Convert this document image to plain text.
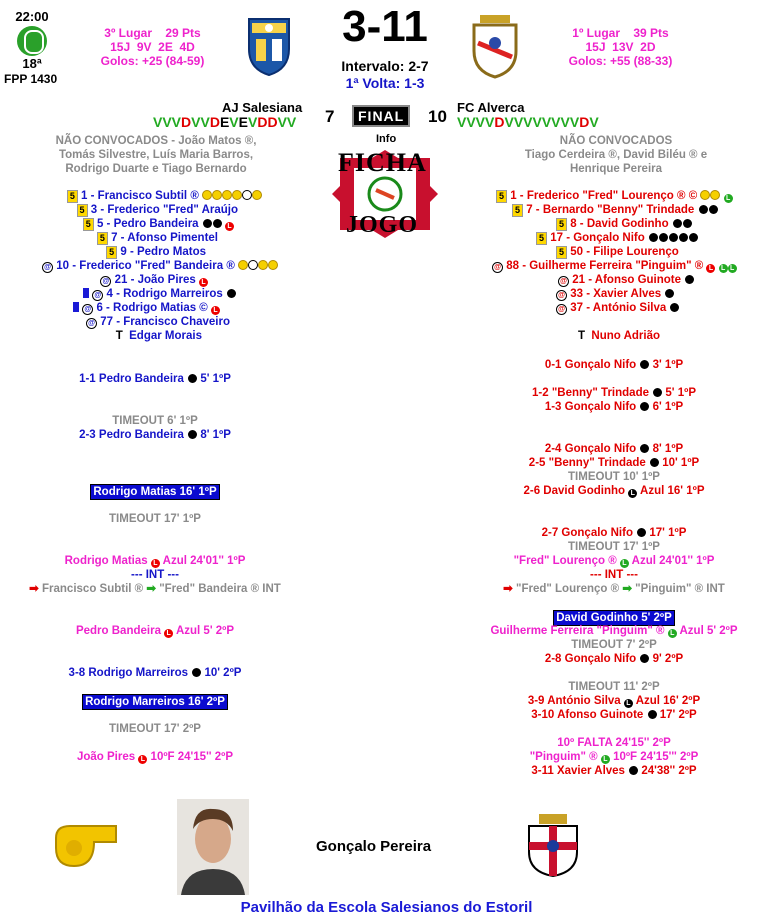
22:00
18ª
FPP 1430
3º Lugar 29 Pts
15J  9V  2E  4D
Golos: +25 (84-59)
3-11
Intervalo: 2-7
1ª Volta: 1-3
1º Lugar 39 Pts
15J  13V  2D
Golos: +55 (88-33)
AJ Salesiana 7	FINAL	10 FC Alverca
VVVDVVDEVEVDDVV	VVVVDVVVVVVVVDV
NÃO CONVOCADOS - João Matos ®, Tomás Silvestre, Luís Maria Barros, Rodrigo Duarte e Tiago Bernardo
Info	NÃO CONVOCADOS
Tiago Cerdeira ®, David Biléu ® e Henrique Pereira
FICHA
JOGO
5 1 - Francisco Subtil ®
5 3 - Frederico "Fred" Araújo
5 5 - Pedro Bandeira	L
5 7 - Afonso Pimentel
5 9 - Pedro Matos
@ 10 - Frederico "Fred" Bandeira ®
@ 21 - João Pires L
@ 4 - Rodrigo Marreiros
@ 6 - Rodrigo Matias © L
@ 77 - Francisco Chaveiro
T Edgar Morais
5 1 - Frederico "Fred" Lourenço ® ©	L
5 7 - Bernardo "Benny" Trindade
5 8 - David Godinho
5 17 - Gonçalo Nifo
5 50 - Filipe Lourenço
@ 88 - Guilherme Ferreira "Pinguim" ® L L L
@ 21 - Afonso Guinote
@ 33 - Xavier Alves
@ 37 - António Silva
T Nuno Adrião
1-1 Pedro Bandeira 5' 1ºP
TIMEOUT 6' 1ºP
2-3 Pedro Bandeira 8' 1ºP
Rodrigo Matias 16' 1ºP
TIMEOUT 17' 1ºP
Rodrigo Matias L Azul 24'01'' 1ºP
--- INT ---
➡ Francisco Subtil ® ➡ "Fred" Bandeira ® INT
Pedro Bandeira L Azul 5' 2ºP
3-8 Rodrigo Marreiros 10' 2ºP
Rodrigo Marreiros 16' 2ºP
TIMEOUT 17' 2ºP
João Pires L 10ºF 24'15'' 2ºP
0-1 Gonçalo Nifo 3' 1ºP
1-2 "Benny" Trindade 5' 1ºP
1-3 Gonçalo Nifo 6' 1ºP
2-4 Gonçalo Nifo 8' 1ºP
2-5 "Benny" Trindade 10' 1ºP
TIMEOUT 10' 1ºP
2-6 David Godinho L Azul 16' 1ºP
2-7 Gonçalo Nifo 17' 1ºP
TIMEOUT 17' 1ºP
"Fred" Lourenço ® L Azul 24'01'' 1ºP
--- INT ---
➡ "Fred" Lourenço ® ➡ "Pinguim" ® INT
David Godinho 5' 2ºP
Guilherme Ferreira "Pinguim" ® L Azul 5' 2ºP
TIMEOUT 7' 2ºP
2-8 Gonçalo Nifo 9' 2ºP
TIMEOUT 11' 2ºP
3-9 António Silva L Azul 16' 2ºP
3-10 Afonso Guinote 17' 2ºP
10º FALTA 24'15'' 2ºP
"Pinguim" ® L 10ºF 24'15''' 2ºP
3-11 Xavier Alves 24'38'' 2ºP
Gonçalo Pereira
Pavilhão da Escola Salesianos do Estoril
